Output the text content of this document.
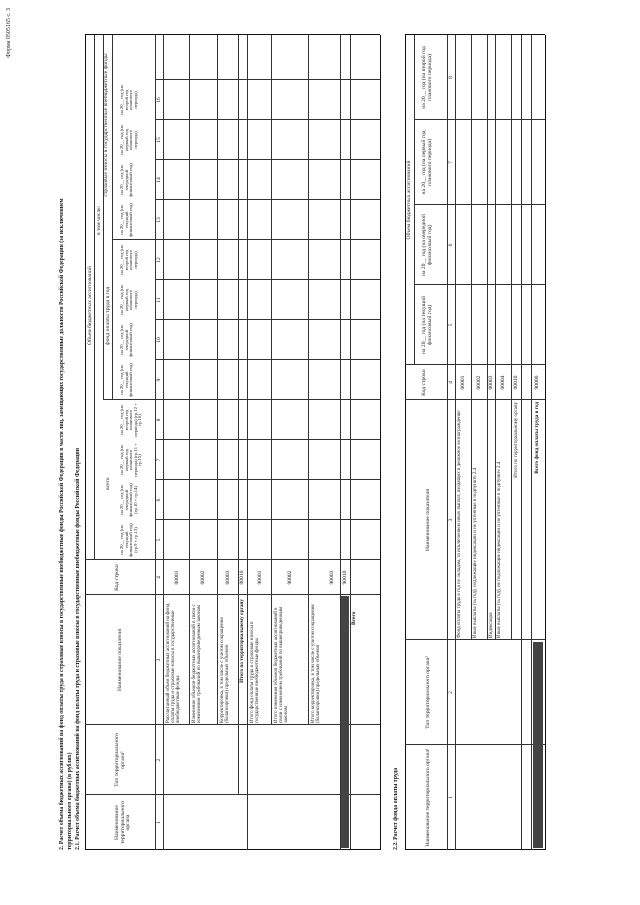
Форма 0505165 с. 3
2. Расчет объема бюджетных ассигнований на фонд оплаты труда и страховые взносы в государственные внебюджетные фонды Российской Федерации в части лиц, замещающих государственные должности Российской Федерации (за исключением территориального органа) (в рублях) 2.1. Расчет объема бюджетных ассигнований на фонд оплаты труда и страховые взносы в государственные внебюджетные фонды Российской Федерации	Наименование территориального органа
Тип территориального органа¹
Наименование показателя
Код строки
Объем бюджетных ассигнований
всего
в том числе:
фонд оплаты труда в год
страховые взносы в государственные внебюджетные фонды
на 20__ год (на текущий финансовый год) (гр.9 + гр.13)
на 20__ год (на очередной финансовый год) (гр.10 + гр.14)
на 20__ год (на первый год планового периода) (гр.11 + гр.15)
на 20__ год (на второй год планового периода) (гр.12 + гр.16)
на 20__ год (на текущий финансовый год)
на 20__ год (на очередной финансовый год)
на 20__ год (на первый год планового периода)
на 20__ год (на второй год планового периода)
на 20__ год (на текущий финансовый год)
на 20__ год (на очередной финансовый год)
на 20__ год (на первый год планового периода)
на 20__ год (на второй год планового периода)
1
2
3
4
5
6
7
8
9
10
11
12
13
14
15
16
Рассчитанный объем бюджетных ассигнований на фонд оплаты труда и страховые взносы в государственные внебюджетные фонды
00001
Изменение объемов бюджетных ассигнований в связи с изменением требований по вышеприведенным законам
00002
Корректировка, в том числе с учетом сокращения (балансировки) предельных объемов
00003
Итого по территориальному органу
00010
Итого фонд оплаты труда и страховые взносы в государственные внебюджетные фонды
90001
Итого изменения объемов бюджетных ассигнований в связи с изменением требований по вышеприведенным законам
90002
Итого корректировка, в том числе с учетом сокращения (балансировки) предельных объемов
90003
Всего
90010
2.2. Расчет фонда оплаты труда	Наименование территориального органа¹
Тип территориального органа²
Наименование показателя
Код строки
Объем бюджетных ассигнований
на 20__ год (на текущий финансовый год)
на 20__ год (на очередной финансовый год)
на 20__ год (на первый год планового периода)
на 20__ год (на второй год планового периода)
1
2
3
4
5
6
7
8
Фонд оплаты труда в год по окладам, за исключением иных выплат, входящих в денежное вознаграждение
00001
Иные выплаты (за год), подлежащие индексации и не учтенные в подпункте 2.4
00002
Индексация
00003
Иные выплаты (за год), не подлежащие индексации и не учтенные в подпункте 2.4
00004
Итого по территориальному органу
00010
Всего фонд оплаты труда в год
90000
